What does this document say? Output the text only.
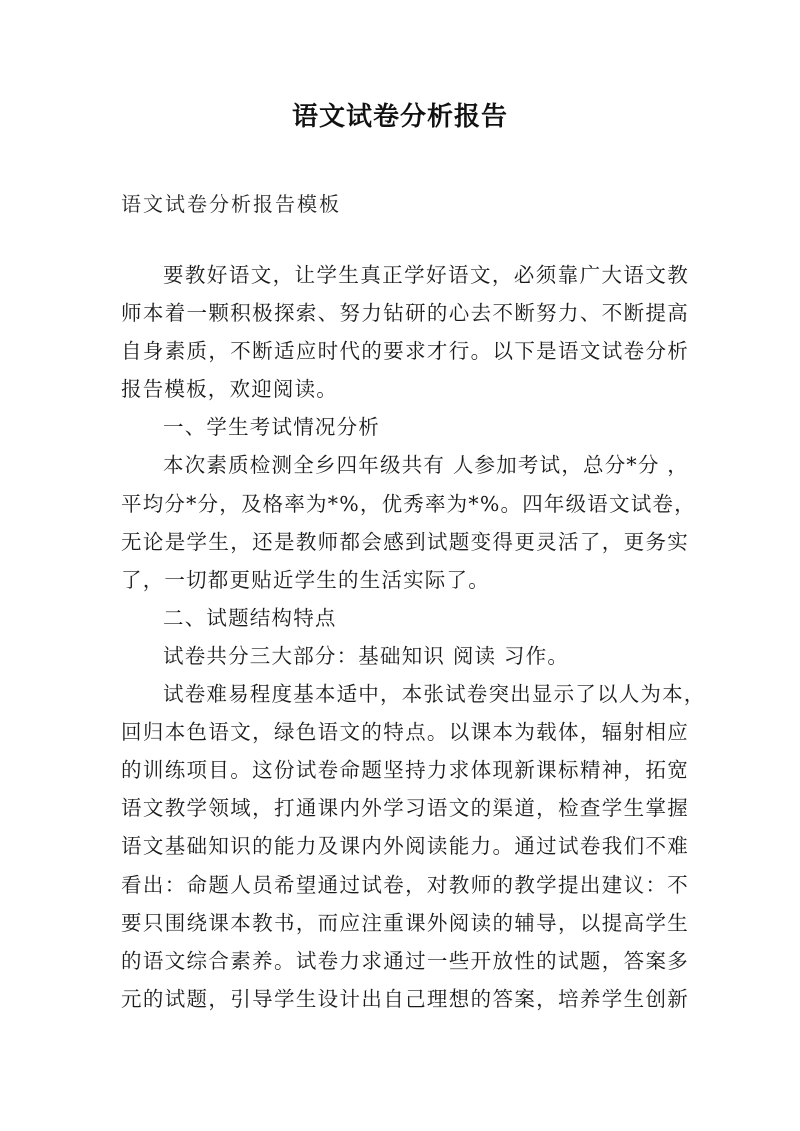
语文试卷分析报告
语文试卷分析报告模板
要教好语文，让学生真正学好语文，必须靠广大语文教
师本着一颗积极探索、努力钻研的心去不断努力、不断提高
自身素质，不断适应时代的要求才行。以下是语文试卷分析
报告模板，欢迎阅读。
一、学生考试情况分析
本次素质检测全乡四年级共有 人参加考试，总分*分 ，
平均分*分，及格率为*%，优秀率为*%。四年级语文试卷，
无论是学生，还是教师都会感到试题变得更灵活了，更务实
了，一切都更贴近学生的生活实际了。
二、试题结构特点
试卷共分三大部分：基础知识 阅读 习作。
试卷难易程度基本适中，本张试卷突出显示了以人为本，
回归本色语文，绿色语文的特点。以课本为载体，辐射相应
的训练项目。这份试卷命题坚持力求体现新课标精神，拓宽
语文教学领域，打通课内外学习语文的渠道，检查学生掌握
语文基础知识的能力及课内外阅读能力。通过试卷我们不难
看出：命题人员希望通过试卷，对教师的教学提出建议：不
要只围绕课本教书，而应注重课外阅读的辅导，以提高学生
的语文综合素养。试卷力求通过一些开放性的试题，答案多
元的试题，引导学生设计出自己理想的答案，培养学生创新
